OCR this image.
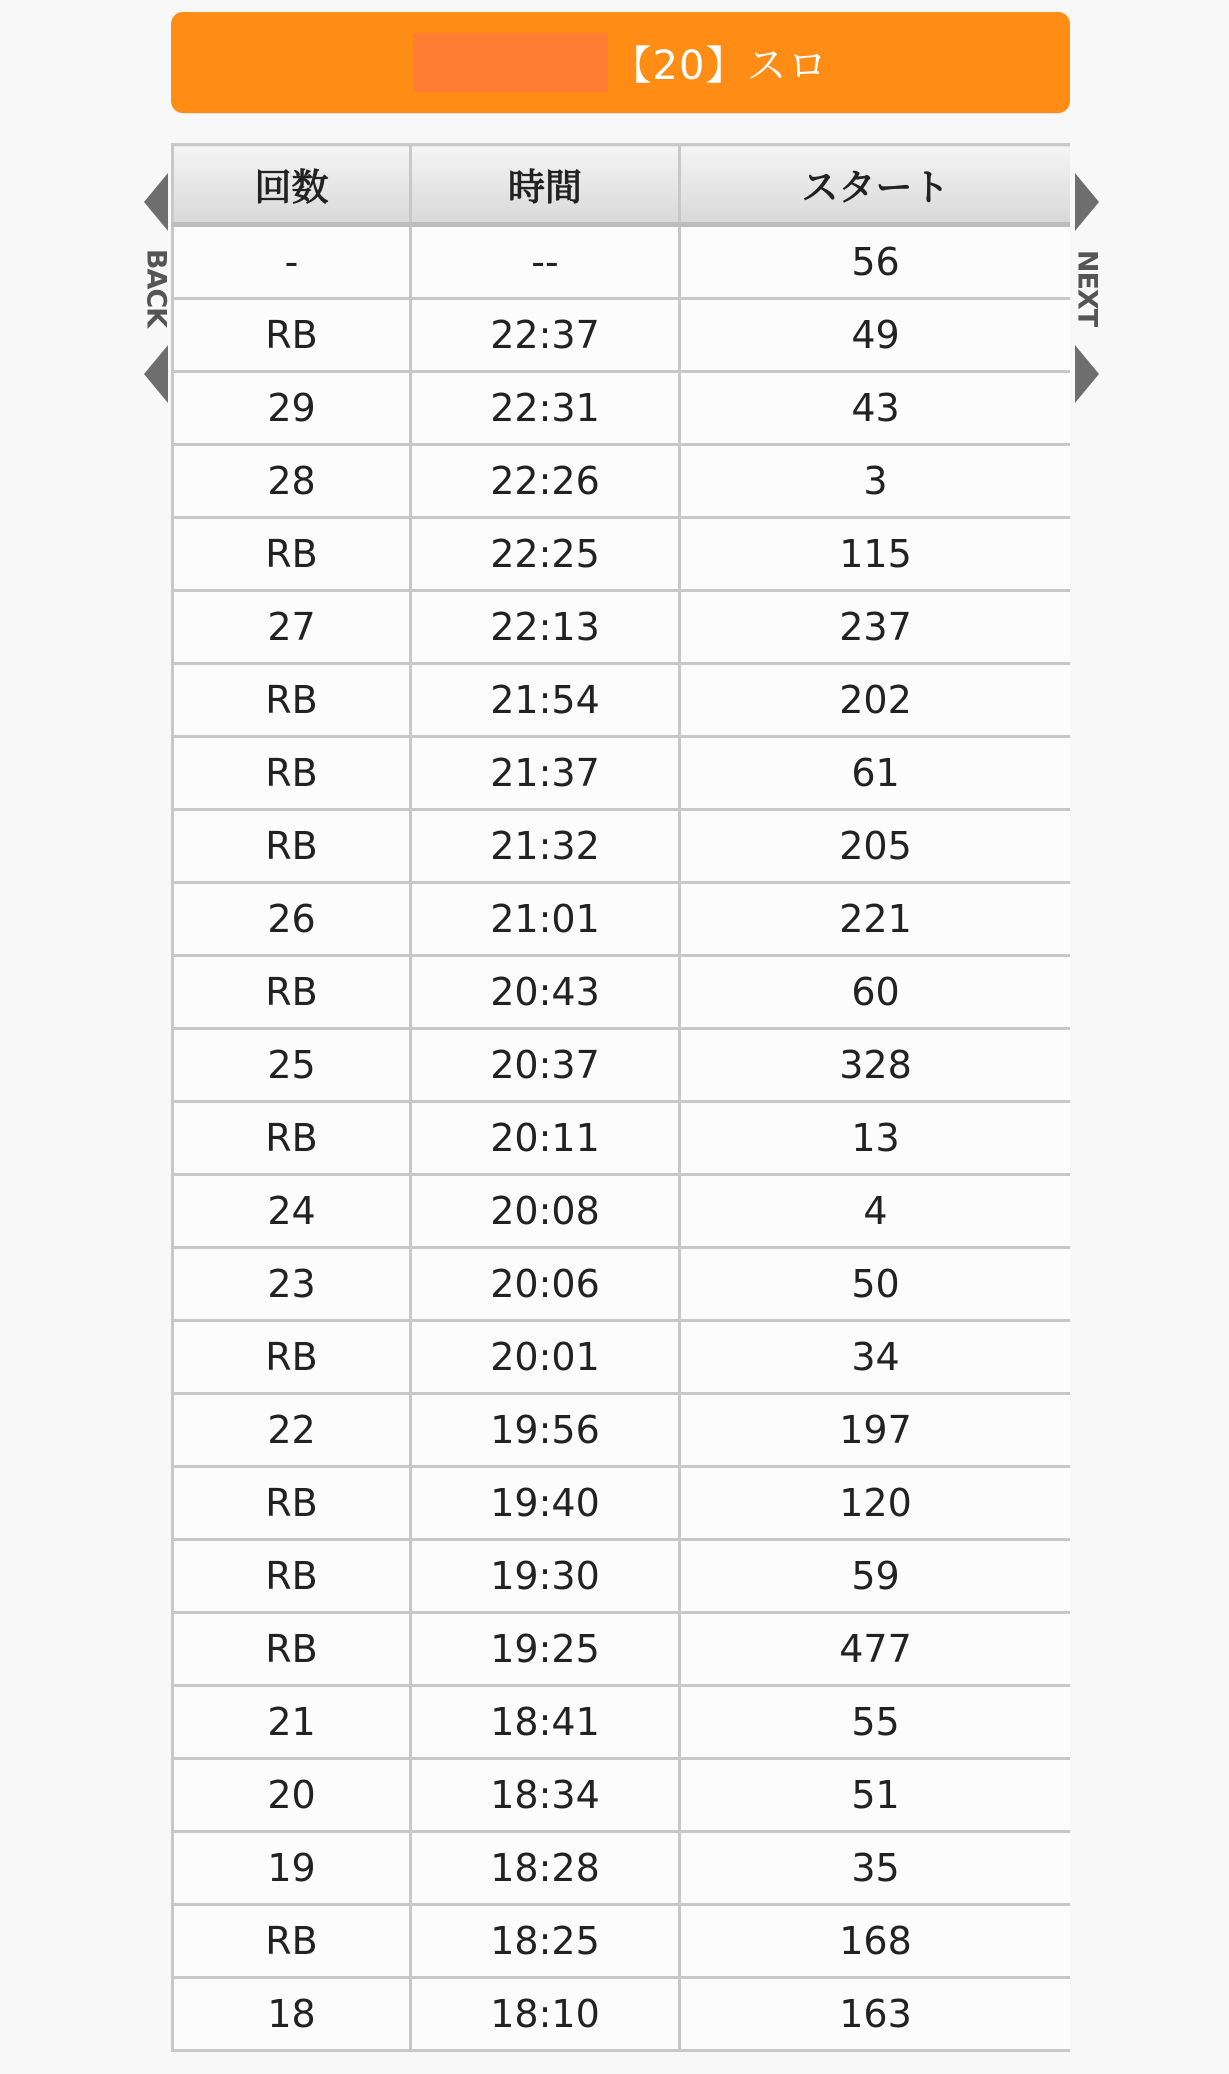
【20】スロ
BACK	NEXT
回数	時間	スタート
-	--	56
RB	22:37	49
29	22:31	43
28	22:26	3
RB	22:25	115
27	22:13	237
RB	21:54	202
RB	21:37	61
RB	21:32	205
26	21:01	221
RB	20:43	60
25	20:37	328
RB	20:11	13
24	20:08	4
23	20:06	50
RB	20:01	34
22	19:56	197
RB	19:40	120
RB	19:30	59
RB	19:25	477
21	18:41	55
20	18:34	51
19	18:28	35
RB	18:25	168
18	18:10	163
